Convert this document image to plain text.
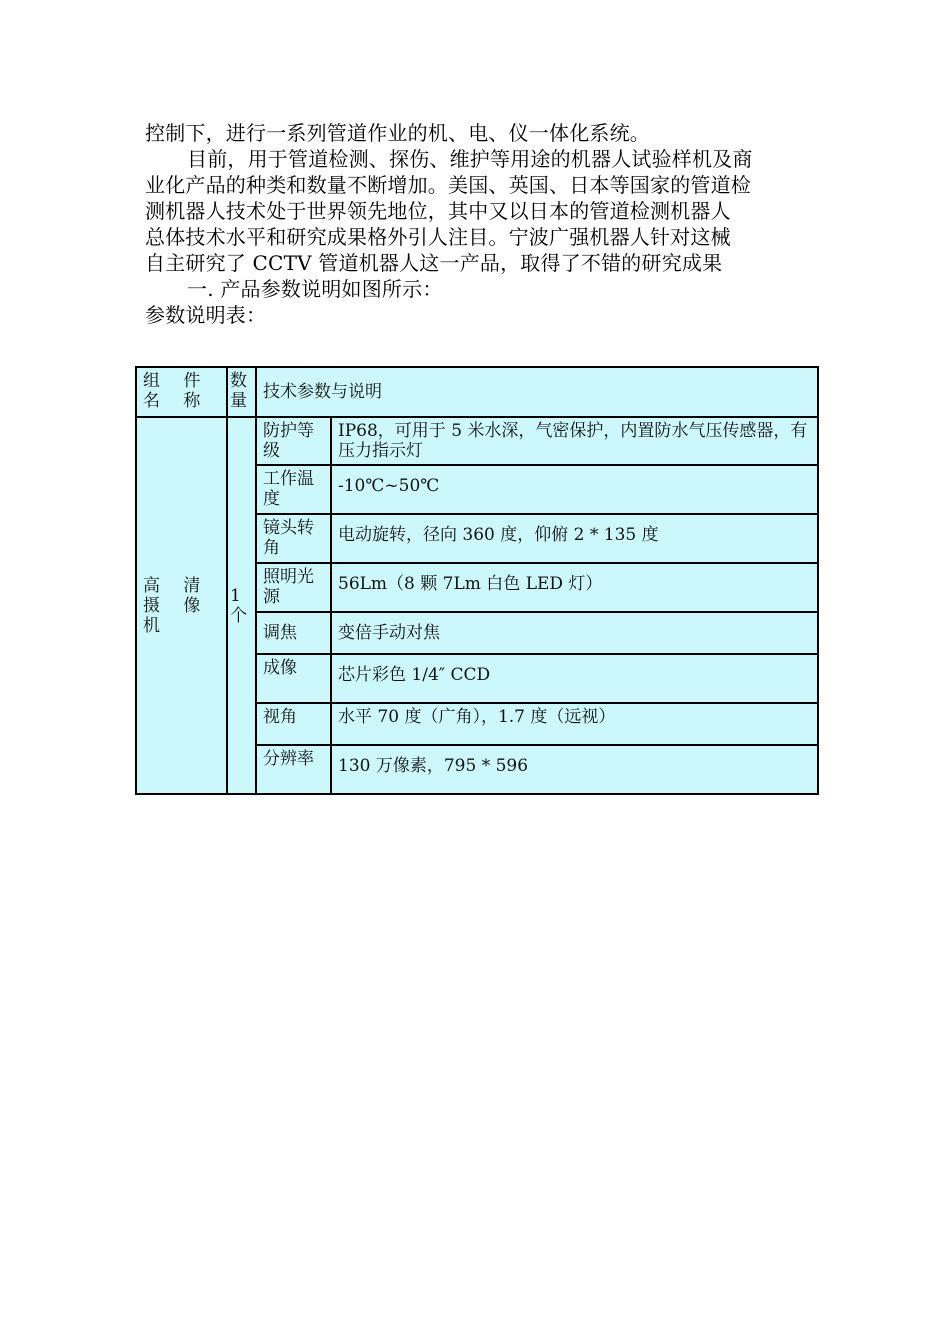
控制下，进行一系列管道作业的机、电、仪一体化系统。
目前，用于管道检测、探伤、维护等用途的机器人试验样机及商
业化产品的种类和数量不断增加。美国、英国、日本等国家的管道检
测机器人技术处于世界领先地位，其中又以日本的管道检测机器人
总体技术水平和研究成果格外引人注目。宁波广强机器人针对这械
自主研究了 CCTV 管道机器人这一产品，取得了不错的研究成果
一. 产品参数说明如图所示：
参数说明表：
组 件 名 称	数量	技术参数与说明	
高 清 摄 像机	1 个	防护等级	IP68，可用于 5 米水深，气密保护，内置防水气压传感器，有压力指示灯
		工作温度	-10℃~50℃
		镜头转角	电动旋转，径向 360 度，仰俯 2 * 135 度
		照明光源	56Lm（8 颗 7Lm 白色 LED 灯）
		调焦	变倍手动对焦
		成像	芯片彩色 1/4″ CCD
		视角	水平 70 度（广角），1.7 度（远视）
		分辨率	130 万像素，795 * 596
